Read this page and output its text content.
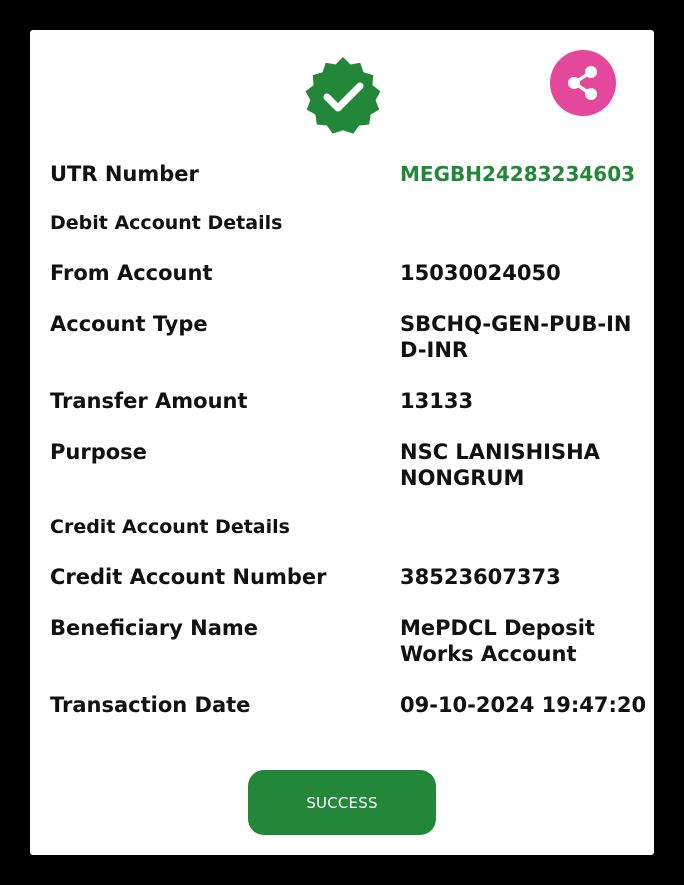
UTR Number	MEGBH24283234603
Debit Account Details
From Account	15030024050
Account Type	SBCHQ-GEN-PUB-IND-INR
Transfer Amount	13133
Purpose	NSC LANISHISHA NONGRUM
Credit Account Details
Credit Account Number	38523607373
Beneficiary Name	MePDCL Deposit Works Account
Transaction Date	09-10-2024 19:47:20
SUCCESS
